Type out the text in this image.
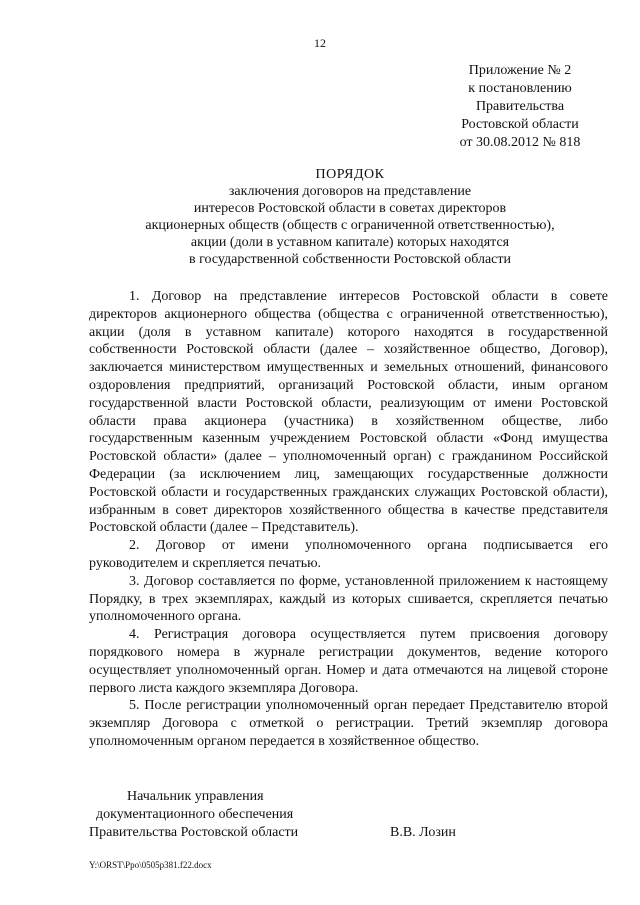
12
Приложение № 2
к постановлению
Правительства
Ростовской области
от 30.08.2012 № 818
ПОРЯДОК
заключения договоров на представление
интересов Ростовской области в советах директоров
акционерных обществ (обществ с ограниченной ответственностью),
акции (доли в уставном капитале) которых находятся
в государственной собственности Ростовской области

1. Договор на представление интересов Ростовской области в совете директоров акционерного общества (общества с ограниченной ответственностью), акции (доля в уставном капитале) которого находятся в государственной собственности Ростовской области (далее – хозяйственное общество, Договор), заключается министерством имущественных и земельных отношений, финансового оздоровления предприятий, организаций Ростовской области, иным органом государственной власти Ростовской области, реализующим от имени Ростовской области права акционера (участника) в хозяйственном обществе, либо государственным казенным учреждением Ростовской области «Фонд имущества Ростовской области» (далее – уполномоченный орган) с гражданином Российской Федерации (за исключением лиц, замещающих государственные должности Ростовской области и государственных гражданских служащих Ростовской области), избранным в совет директоров хозяйственного общества в качестве представителя Ростовской области (далее – Представитель).

2. Договор от имени уполномоченного органа подписывается его руководителем и скрепляется печатью.

3. Договор составляется по форме, установленной приложением к настоящему Порядку, в трех экземплярах, каждый из которых сшивается, скрепляется печатью уполномоченного органа.

4. Регистрация договора осуществляется путем присвоения договору порядкового номера в журнале регистрации документов, ведение которого осуществляет уполномоченный орган. Номер и дата отмечаются на лицевой стороне первого листа каждого экземпляра Договора.

5. После регистрации уполномоченный орган передает Представителю второй экземпляр Договора с отметкой о регистрации. Третий экземпляр договора уполномоченным органом передается в хозяйственное общество.

Начальник управления
документационного обеспечения
Правительства Ростовской области	В.В. Лозин
Y:\ORST\Ppo\0505p381.f22.docx
